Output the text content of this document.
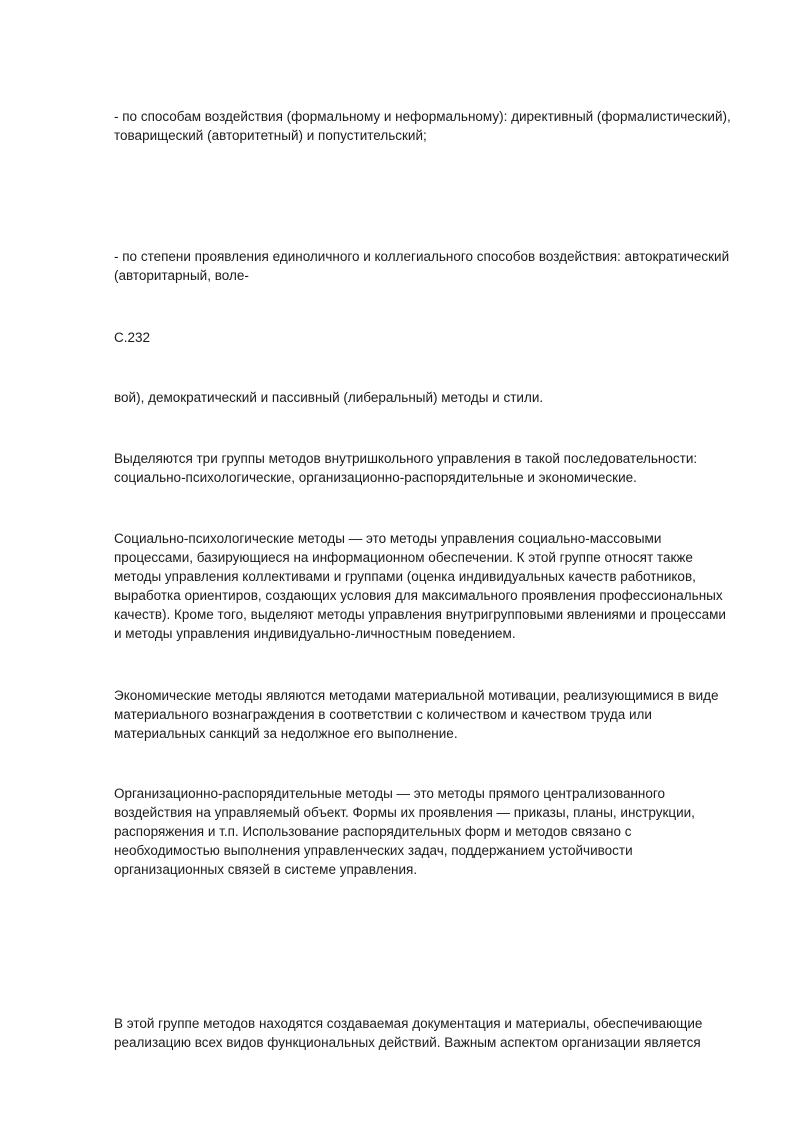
- по способам воздействия (формальному и неформальному): директивный (формалистический),
товарищеский (авторитетный) и попустительский;

- по степени проявления единоличного и коллегиального способов воздействия: автократический
(авторитарный, воле-

С.232

вой), демократический и пассивный (либеральный) методы и стили.

Выделяются три группы методов внутришкольного управления в такой последовательности:
социально-психологические, организационно-распорядительные и экономические.

Социально-психологические методы — это методы управления социально-массовыми
процессами, базирующиеся на информационном обеспечении. К этой группе относят также
методы управления коллективами и группами (оценка индивидуальных качеств работников,
выработка ориентиров, создающих условия для максимального проявления профессиональных
качеств). Кроме того, выделяют методы управления внутригрупповыми явлениями и процессами
и методы управления индивидуально-личностным поведением.

Экономические методы являются методами материальной мотивации, реализующимися в виде
материального вознаграждения в соответствии с количеством и качеством труда или
материальных санкций за недолжное его выполнение.

Организационно-распорядительные методы — это методы прямого централизованного
воздействия на управляемый объект. Формы их проявления — приказы, планы, инструкции,
распоряжения и т.п. Использование распорядительных форм и методов связано с
необходимостью выполнения управленческих задач, поддержанием устойчивости
организационных связей в системе управления.

В этой группе методов находятся создаваемая документация и материалы, обеспечивающие
реализацию всех видов функциональных действий. Важным аспектом организации является
